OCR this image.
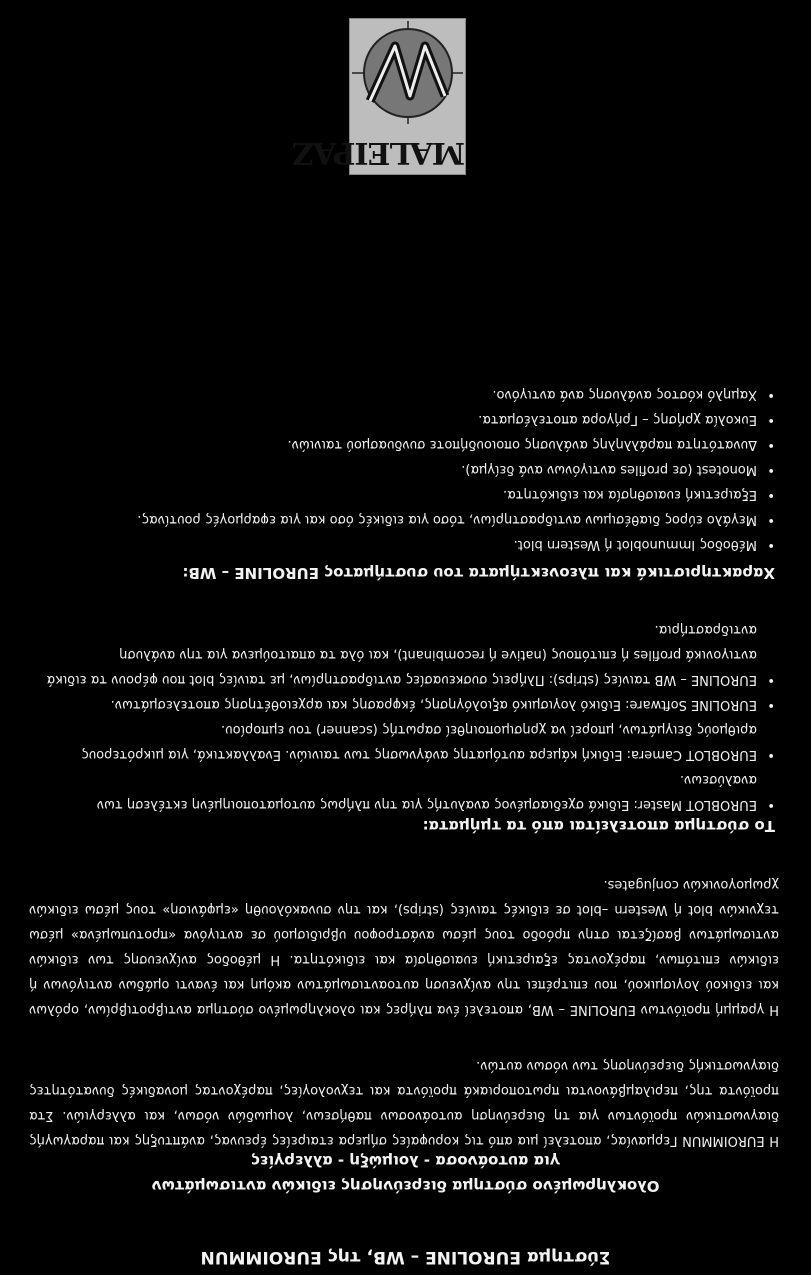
Σύστημα EUROLINE – WB, της EUROIMMUN
Ολοκληρωμένο σύστημα διερεύνησης ειδικών αντισωμάτων
για αυτοάνοσα - λοιμώξη - αλλεργίες
Η EUROIMMUN Γερμανίας, αποτελεί μια από τις κορυφαίες σήμερα εταιρείες έρευνας, ανάπτυξης και παραγωγής διαγνωστικών προϊόντων για τη διερεύνηση αυτοάνοσων παθήσεων, λοιμωδών νόσων, και αλλεργιών. Στα προϊόντα της, περιλαμβάνονται πρωτοποριακά προϊόντα και τεχνολογίες, παρέχοντας μοναδικές δυνατότητες διαγνωστικής διερεύνησης των νόσων αυτών.
Η γραμμή προϊόντων EUROLINE – WB, αποτελεί ένα πλήρες και ολοκληρωμένο σύστημα αντιβροτιβρίων, ορόλων και ειδικού λογισμικού, που επιτρέπει την ανίχνευση αυτοαντισωμάτων ακόμη και έναντι ομάδων αντιγόνων ή ειδικών επιτόπων, παρέχοντας εξαιρετική ευαισθησία και ειδικότητα. Η μέθοδος ανίχνευσης των ειδικών αντισωμάτων βασίζεται στην πρόοδο τους μέσω ανάστροφου υβριδισμού σε αντιγόνα «προτυπωμένα» μέσω τεχνικών blot ή Western –blot σε ειδικές ταινίες (strips), και την συνακόλουθη «εμφάνιση» τους μέσω ειδικών χρωμογονικών conjugates.
Το σύστημα αποτελείται από τα τμήματα:
• EUROBLOT Master: Ειδικά σχεδιασμένος αναλυτής για την πλήρως αυτοματοποιημένη εκτέλεση των αναλύσεων.
• EUROBLOT Camera: Ειδική κάμερα αυτόματης ανάγνωσης των ταινιών. Εναλλακτικά, για μικρότερους αριθμούς δειγμάτων, μπορεί να χρησιμοποιηθεί σαρωτής (scanner) του εμπορίου.
• EUROLINE Software: Ειδικό λογισμικό αξιολόγησης, έκφρασης και αρχειοθέτησης αποτελεσμάτων.
• EUROLINE – WB ταινίες (strips): Πλήρεις συσκευασίες αντιδραστηρίων, με ταινίες blot που φέρουν τα ειδικά αντιγονικά profiles ή επιτόπους (native ή recombinant), και όλα τα απαιτούμενα για την ανάλυση αντιδραστήρια.
Χαρακτηριστικά και πλεονεκτήματα του συστήματος EUROLINE – WB:
• Μέθοδος Immunoblot ή Western blot.
• Μεγάλο εύρος διαθέσιμων αντιδραστηρίων, τόσο για ειδικές όσο και για εφαρμογές ρουτίνας.
• Εξαιρετική ευαισθησία και ειδικότητα.
• Monotest (σε profiles αντιγόνων ανά δείγμα).
• Δυνατότητα παράλληλης ανάλυσης οποιουδήποτε συνδυασμού ταινιών.
• Ευκολία χρήσης – Γρήγορα αποτελέσματα.
• Χαμηλό κόστος ανάλυσης ανά αντιγόνο.
MALEIPAZ
